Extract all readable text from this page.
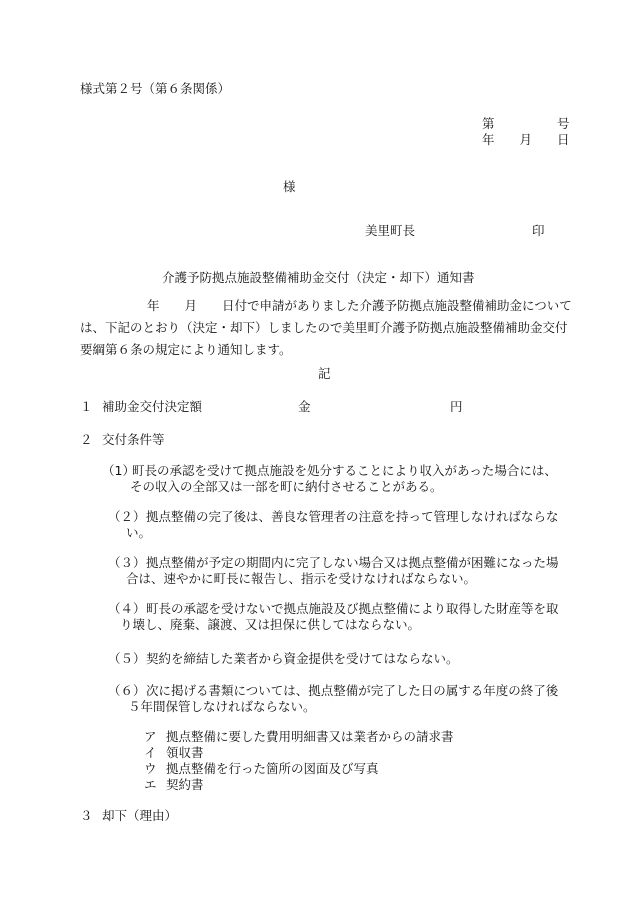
様式第２号（第６条関係）
第　　　　　号
年　　月　　日
様
美里町長	印
介護予防拠点施設整備補助金交付（決定・却下）通知書
　　年　　月　　日付で申請がありました介護予防拠点施設整備補助金については、下記のとおり（決定・却下）しましたので美里町介護予防拠点施設整備補助金交付要綱第６条の規定により通知します。
記
１ 補助金交付決定額	金	円
２ 交付条件等
（1）
町長の承認を受けて拠点施設を処分することにより収入があった場合には、
その収入の全部又は一部を町に納付させることがある。
（２） 拠点整備の完了後は、善良な管理者の注意を持って管理しなければならな
い。
（３） 拠点整備が予定の期間内に完了しない場合又は拠点整備が困難になった場
合は、速やかに町長に報告し、指示を受けなければならない。
（４） 町長の承認を受けないで拠点施設及び拠点整備により取得した財産等を取
り壊し、廃棄、譲渡、又は担保に供してはならない。
（５） 契約を締結した業者から資金提供を受けてはならない。
（６） 次に掲げる書類については、拠点整備が完了した日の属する年度の終了後
５年間保管しなければならない。
ア 拠点整備に要した費用明細書又は業者からの請求書
イ 領収書
ウ 拠点整備を行った箇所の図面及び写真
エ 契約書
３ 却下（理由）
